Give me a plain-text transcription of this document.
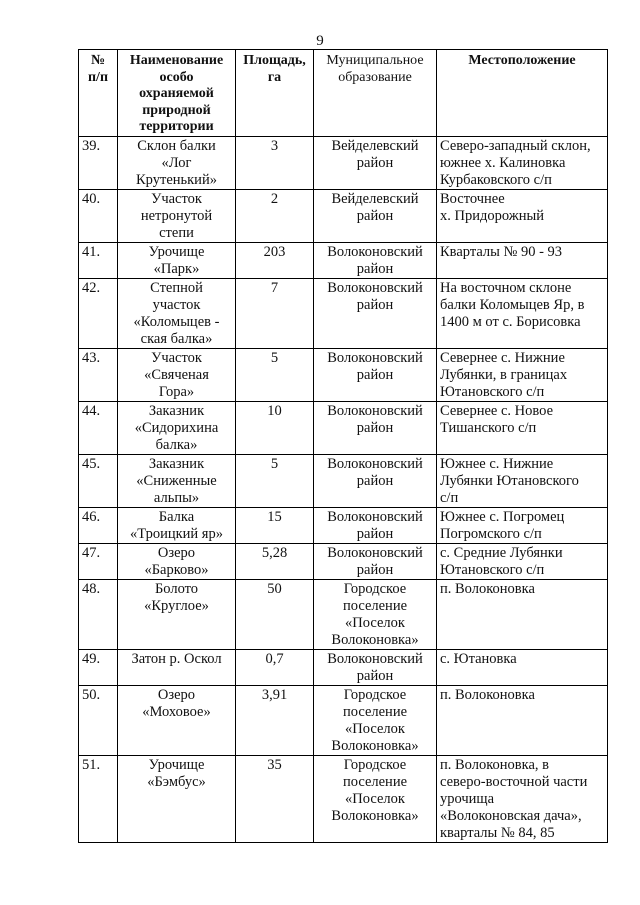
9
№
п/п	Наименование
особо
охраняемой
природной
территории	Площадь,
га	Муниципальное
образование	Местоположение
39.	Склон балки
«Лог
Крутенький»	3	Вейделевский
район	Северо-западный склон,
южнее х. Калиновка
Курбаковского с/п
40.	Участок
нетронутой
степи	2	Вейделевский
район	Восточнее
х. Придорожный
41.	Урочище
«Парк»	203	Волоконовский
район	Кварталы № 90 - 93
42.	Степной
участок
«Коломыцев -
ская балка»	7	Волоконовский
район	На восточном склоне
балки Коломыцев Яр, в
1400 м от с. Борисовка
43.	Участок
«Свяченая
Гора»	5	Волоконовский
район	Севернее с. Нижние
Лубянки, в границах
Ютановского с/п
44.	Заказник
«Сидорихина
балка»	10	Волоконовский
район	Севернее с. Новое
Тишанского с/п
45.	Заказник
«Сниженные
альпы»	5	Волоконовский
район	Южнее с. Нижние
Лубянки Ютановского
с/п
46.	Балка
«Троицкий яр»	15	Волоконовский
район	Южнее с. Погромец
Погромского с/п
47.	Озеро
«Барково»	5,28	Волоконовский
район	с. Средние Лубянки
Ютановского с/п
48.	Болото
«Круглое»	50	Городское
поселение
«Поселок
Волоконовка»	п. Волоконовка
49.	Затон р. Оскол	0,7	Волоконовский
район	с. Ютановка
50.	Озеро
«Моховое»	3,91	Городское
поселение
«Поселок
Волоконовка»	п. Волоконовка
51.	Урочище
«Бэмбус»	35	Городское
поселение
«Поселок
Волоконовка»	п. Волоконовка, в
северо-восточной части
урочища
«Волоконовская дача»,
кварталы № 84, 85
